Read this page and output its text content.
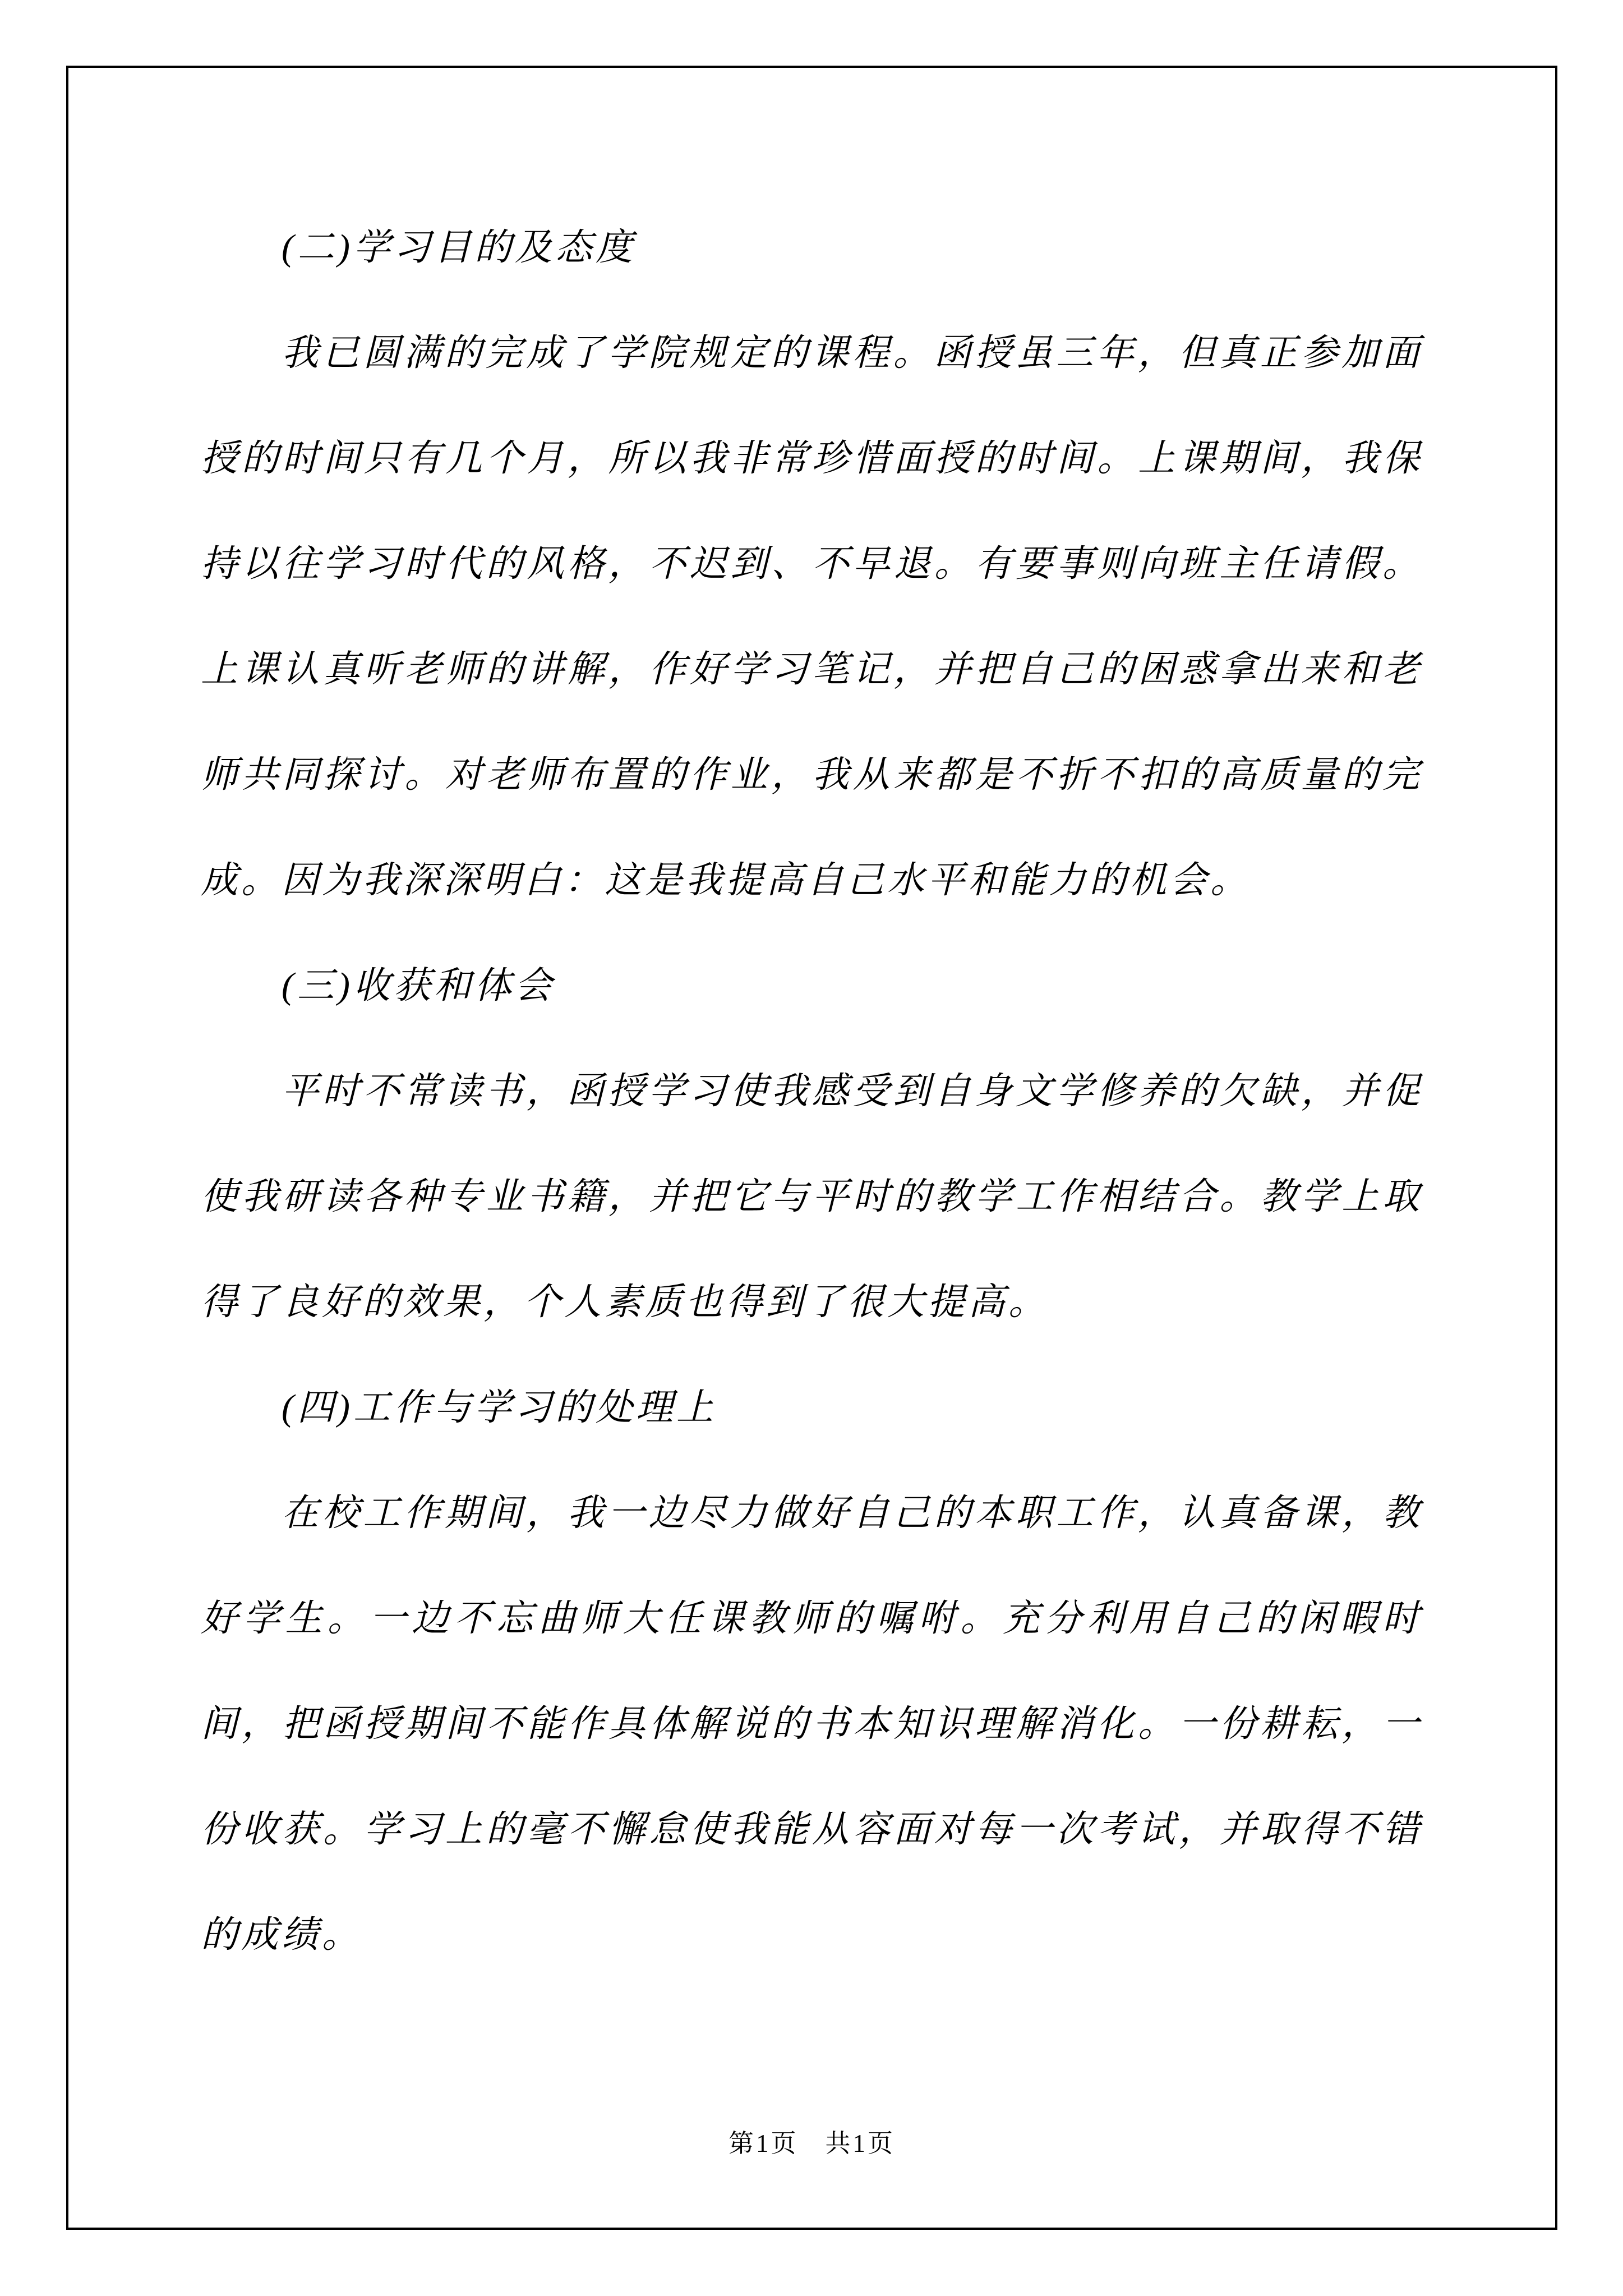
(二)学习目的及态度

我已圆满的完成了学院规定的课程。函授虽三年，但真正参加面授的时间只有几个月，所以我非常珍惜面授的时间。上课期间，我保持以往学习时代的风格，不迟到、不早退。有要事则向班主任请假。上课认真听老师的讲解，作好学习笔记，并把自己的困惑拿出来和老师共同探讨。对老师布置的作业，我从来都是不折不扣的高质量的完成。因为我深深明白：这是我提高自己水平和能力的机会。

(三)收获和体会

平时不常读书，函授学习使我感受到自身文学修养的欠缺，并促使我研读各种专业书籍，并把它与平时的教学工作相结合。教学上取得了良好的效果，个人素质也得到了很大提高。

(四)工作与学习的处理上

在校工作期间，我一边尽力做好自己的本职工作，认真备课，教好学生。一边不忘曲师大任课教师的嘱咐。充分利用自己的闲暇时间，把函授期间不能作具体解说的书本知识理解消化。一份耕耘，一份收获。学习上的毫不懈怠使我能从容面对每一次考试，并取得不错的成绩。

第1页 共1页
